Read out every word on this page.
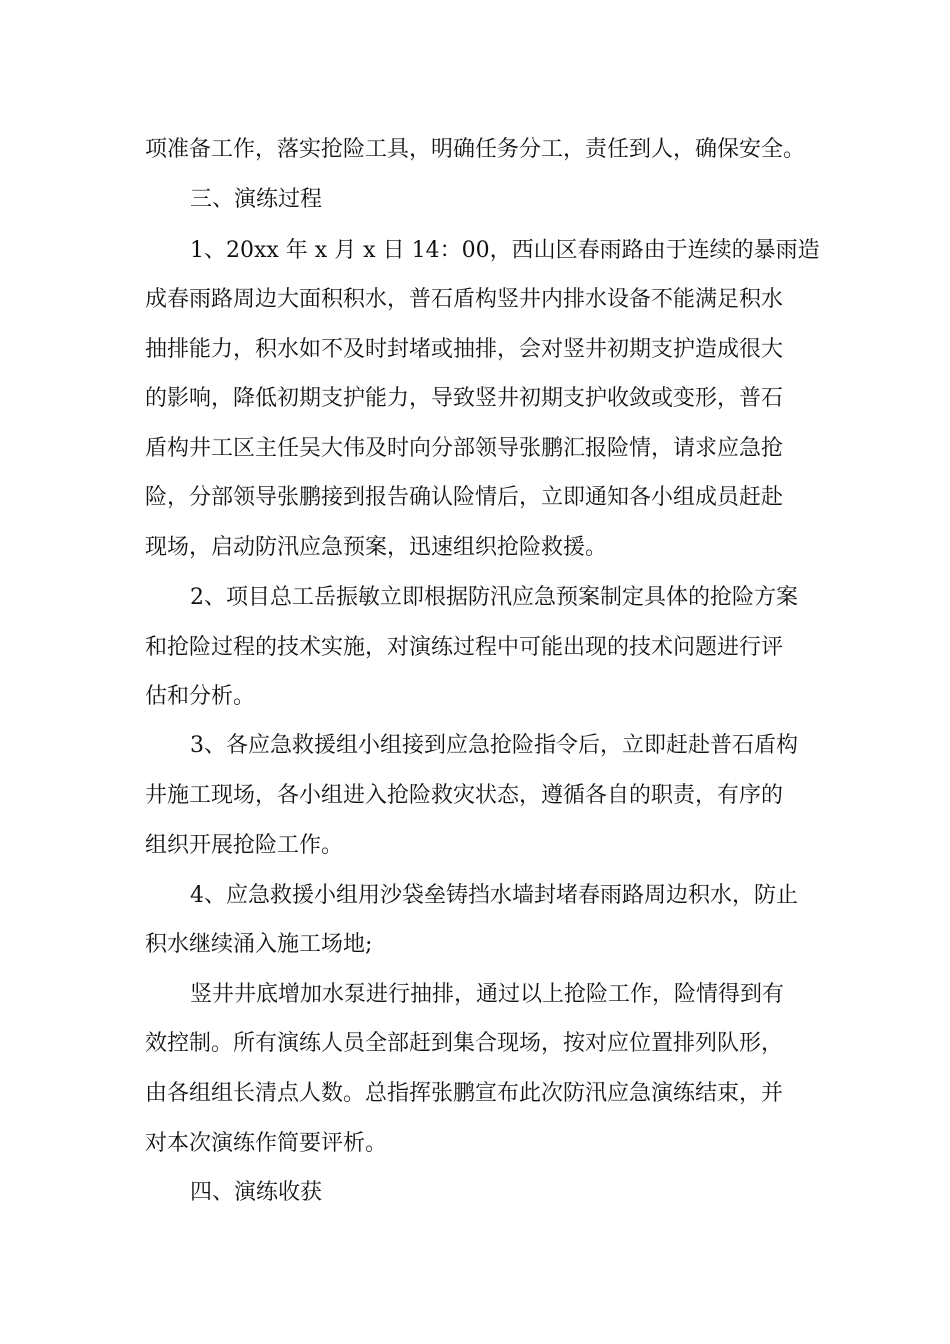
项准备工作，落实抢险工具，明确任务分工，责任到人，确保安全。
三、演练过程
1、20xx 年 x 月 x 日 14：00，西山区春雨路由于连续的暴雨造
成春雨路周边大面积积水，普石盾构竖井内排水设备不能满足积水
抽排能力，积水如不及时封堵或抽排，会对竖井初期支护造成很大
的影响，降低初期支护能力，导致竖井初期支护收敛或变形，普石
盾构井工区主任吴大伟及时向分部领导张鹏汇报险情，请求应急抢
险，分部领导张鹏接到报告确认险情后，立即通知各小组成员赶赴
现场，启动防汛应急预案，迅速组织抢险救援。
2、项目总工岳振敏立即根据防汛应急预案制定具体的抢险方案
和抢险过程的技术实施，对演练过程中可能出现的技术问题进行评
估和分析。
3、各应急救援组小组接到应急抢险指令后，立即赶赴普石盾构
井施工现场，各小组进入抢险救灾状态，遵循各自的职责，有序的
组织开展抢险工作。
4、应急救援小组用沙袋垒铸挡水墙封堵春雨路周边积水，防止
积水继续涌入施工场地;
竖井井底增加水泵进行抽排，通过以上抢险工作，险情得到有
效控制。所有演练人员全部赶到集合现场，按对应位置排列队形，
由各组组长清点人数。总指挥张鹏宣布此次防汛应急演练结束，并
对本次演练作简要评析。
四、演练收获
